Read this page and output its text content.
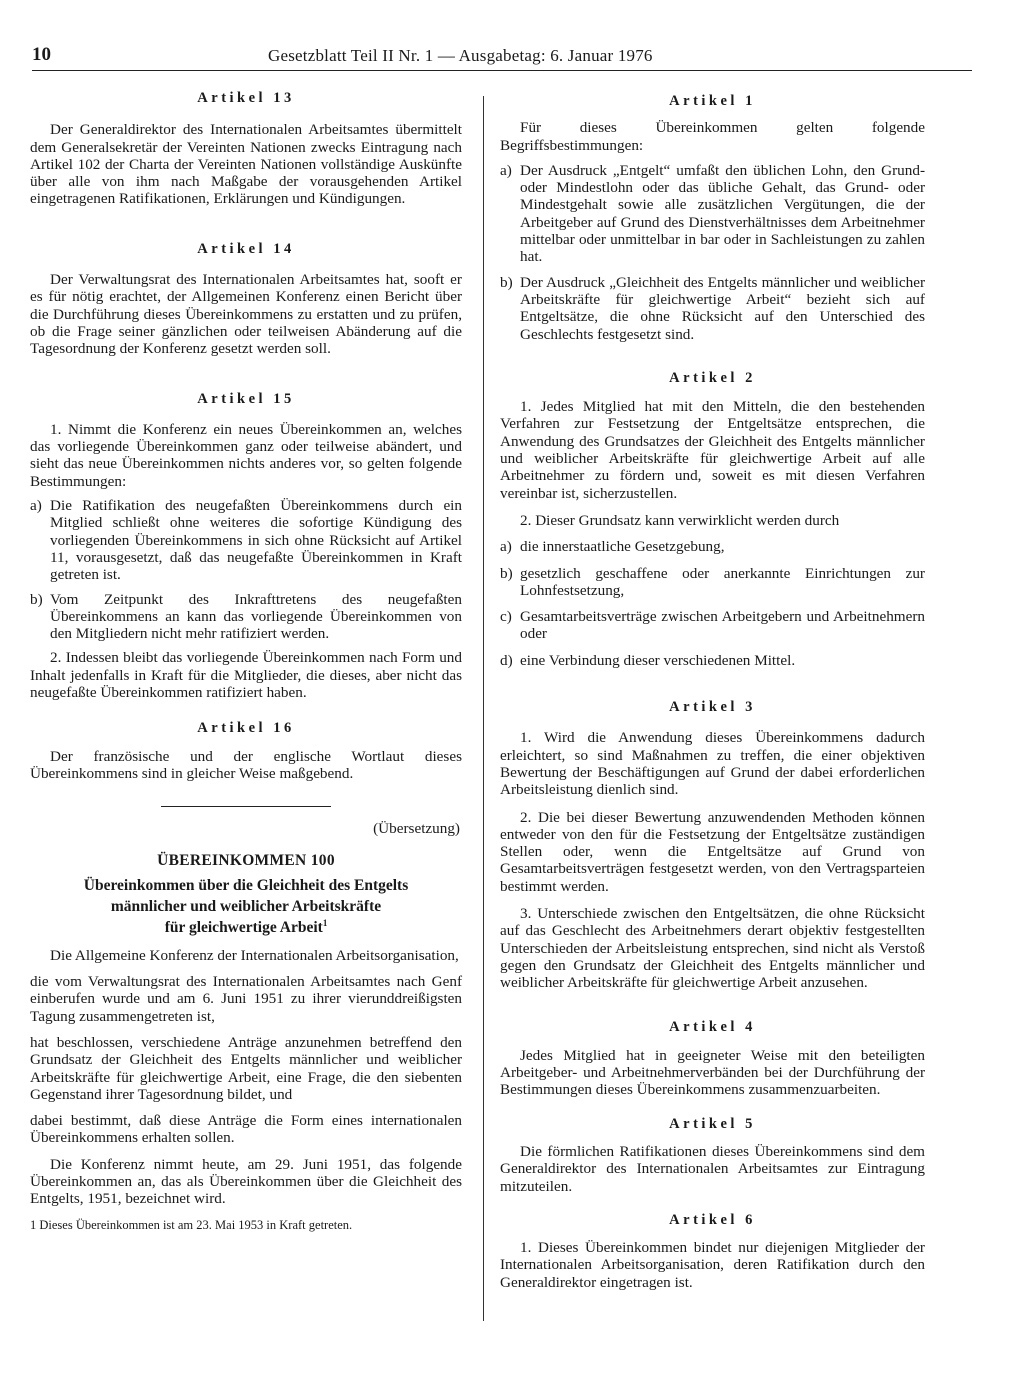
10	Gesetzblatt Teil II Nr. 1 — Ausgabetag: 6. Januar 1976
Artikel 13

Der Generaldirektor des Internationalen Arbeitsamtes übermittelt dem Generalsekretär der Vereinten Nationen zwecks Eintragung nach Artikel 102 der Charta der Vereinten Nationen vollständige Auskünfte über alle von ihm nach Maßgabe der vorausgehenden Artikel eingetragenen Ratifikationen, Erklärungen und Kündigungen.

Artikel 14

Der Verwaltungsrat des Internationalen Arbeitsamtes hat, sooft er es für nötig erachtet, der Allgemeinen Konferenz einen Bericht über die Durchführung dieses Übereinkommens zu erstatten und zu prüfen, ob die Frage seiner gänzlichen oder teilweisen Abänderung auf die Tagesordnung der Konferenz gesetzt werden soll.

Artikel 15

1. Nimmt die Konferenz ein neues Übereinkommen an, welches das vorliegende Übereinkommen ganz oder teilweise abändert, und sieht das neue Übereinkommen nichts anderes vor, so gelten folgende Bestimmungen:

a) Die Ratifikation des neugefaßten Übereinkommens durch ein Mitglied schließt ohne weiteres die sofortige Kündigung des vorliegenden Übereinkommens in sich ohne Rücksicht auf Artikel 11, vorausgesetzt, daß das neugefaßte Übereinkommen in Kraft getreten ist.
b) Vom Zeitpunkt des Inkrafttretens des neugefaßten Übereinkommens an kann das vorliegende Übereinkommen von den Mitgliedern nicht mehr ratifiziert werden.

2. Indessen bleibt das vorliegende Übereinkommen nach Form und Inhalt jedenfalls in Kraft für die Mitglieder, die dieses, aber nicht das neugefaßte Übereinkommen ratifiziert haben.

Artikel 16

Der französische und der englische Wortlaut dieses Übereinkommens sind in gleicher Weise maßgebend.

(Übersetzung)

ÜBEREINKOMMEN 100
Übereinkommen über die Gleichheit des Entgelts
männlicher und weiblicher Arbeitskräfte
für gleichwertige Arbeit$^1$

Die Allgemeine Konferenz der Internationalen Arbeitsorganisation,

die vom Verwaltungsrat des Internationalen Arbeitsamtes nach Genf einberufen wurde und am 6. Juni 1951 zu ihrer vierunddreißigsten Tagung zusammengetreten ist,

hat beschlossen, verschiedene Anträge anzunehmen betreffend den Grundsatz der Gleichheit des Entgelts männlicher und weiblicher Arbeitskräfte für gleichwertige Arbeit, eine Frage, die den siebenten Gegenstand ihrer Tagesordnung bildet, und

dabei bestimmt, daß diese Anträge die Form eines internationalen Übereinkommens erhalten sollen.

Die Konferenz nimmt heute, am 29. Juni 1951, das folgende Übereinkommen an, das als Übereinkommen über die Gleichheit des Entgelts, 1951, bezeichnet wird.

1 Dieses Übereinkommen ist am 23. Mai 1953 in Kraft getreten.

Artikel 1

Für dieses Übereinkommen gelten folgende Begriffsbestimmungen:

a) Der Ausdruck „Entgelt“ umfaßt den üblichen Lohn, den Grund- oder Mindestlohn oder das übliche Gehalt, das Grund- oder Mindestgehalt sowie alle zusätzlichen Vergütungen, die der Arbeitgeber auf Grund des Dienstverhältnisses dem Arbeitnehmer mittelbar oder unmittelbar in bar oder in Sachleistungen zu zahlen hat.
b) Der Ausdruck „Gleichheit des Entgelts männlicher und weiblicher Arbeitskräfte für gleichwertige Arbeit“ bezieht sich auf Entgeltsätze, die ohne Rücksicht auf den Unterschied des Geschlechts festgesetzt sind.
Artikel 2

1. Jedes Mitglied hat mit den Mitteln, die den bestehenden Verfahren zur Festsetzung der Entgeltsätze entsprechen, die Anwendung des Grundsatzes der Gleichheit des Entgelts männlicher und weiblicher Arbeitskräfte für gleichwertige Arbeit auf alle Arbeitnehmer zu fördern und, soweit es mit diesen Verfahren vereinbar ist, sicherzustellen.

2. Dieser Grundsatz kann verwirklicht werden durch

a) die innerstaatliche Gesetzgebung,
b) gesetzlich geschaffene oder anerkannte Einrichtungen zur Lohnfestsetzung,
c) Gesamtarbeitsverträge zwischen Arbeitgebern und Arbeitnehmern oder
d) eine Verbindung dieser verschiedenen Mittel.
Artikel 3

1. Wird die Anwendung dieses Übereinkommens dadurch erleichtert, so sind Maßnahmen zu treffen, die einer objektiven Bewertung der Beschäftigungen auf Grund der dabei erforderlichen Arbeitsleistung dienlich sind.

2. Die bei dieser Bewertung anzuwendenden Methoden können entweder von den für die Festsetzung der Entgeltsätze zuständigen Stellen oder, wenn die Entgeltsätze auf Grund von Gesamtarbeitsverträgen festgesetzt werden, von den Vertragsparteien bestimmt werden.

3. Unterschiede zwischen den Entgeltsätzen, die ohne Rücksicht auf das Geschlecht des Arbeitnehmers derart objektiv festgestellten Unterschieden der Arbeitsleistung entsprechen, sind nicht als Verstoß gegen den Grundsatz der Gleichheit des Entgelts männlicher und weiblicher Arbeitskräfte für gleichwertige Arbeit anzusehen.

Artikel 4

Jedes Mitglied hat in geeigneter Weise mit den beteiligten Arbeitgeber- und Arbeitnehmerverbänden bei der Durchführung der Bestimmungen dieses Übereinkommens zusammenzuarbeiten.

Artikel 5

Die förmlichen Ratifikationen dieses Übereinkommens sind dem Generaldirektor des Internationalen Arbeitsamtes zur Eintragung mitzuteilen.

Artikel 6

1. Dieses Übereinkommen bindet nur diejenigen Mitglieder der Internationalen Arbeitsorganisation, deren Ratifikation durch den Generaldirektor eingetragen ist.
